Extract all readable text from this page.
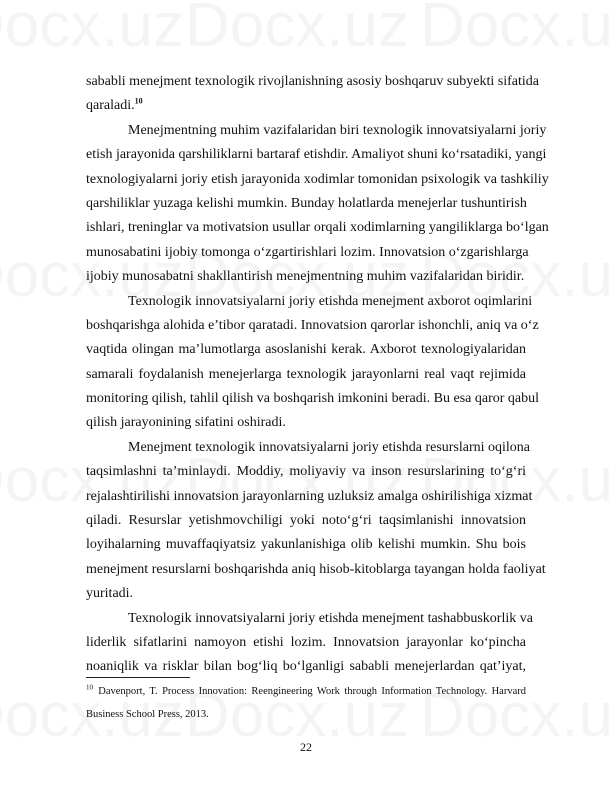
sababli menejment texnologik rivojlanishning asosiy boshqaruv subyekti sifatida
qaraladi.$^{10}$
Menejmentning muhim vazifalaridan biri texnologik innovatsiyalarni joriy
etish jarayonida qarshiliklarni bartaraf etishdir. Amaliyot shuni ko‘rsatadiki, yangi
texnologiyalarni joriy etish jarayonida xodimlar tomonidan psixologik va tashkiliy
qarshiliklar yuzaga kelishi mumkin. Bunday holatlarda menejerlar tushuntirish
ishlari, treninglar va motivatsion usullar orqali xodimlarning yangiliklarga bo‘lgan
munosabatini ijobiy tomonga o‘zgartirishlari lozim. Innovatsion o‘zgarishlarga
ijobiy munosabatni shakllantirish menejmentning muhim vazifalaridan biridir.
Texnologik innovatsiyalarni joriy etishda menejment axborot oqimlarini
boshqarishga alohida e’tibor qaratadi. Innovatsion qarorlar ishonchli, aniq va o‘z
vaqtida olingan ma’lumotlarga asoslanishi kerak. Axborot texnologiyalaridan
samarali foydalanish menejerlarga texnologik jarayonlarni real vaqt rejimida
monitoring qilish, tahlil qilish va boshqarish imkonini beradi. Bu esa qaror qabul
qilish jarayonining sifatini oshiradi.
Menejment texnologik innovatsiyalarni joriy etishda resurslarni oqilona
taqsimlashni ta’minlaydi. Moddiy, moliyaviy va inson resurslarining to‘g‘ri
rejalashtirilishi innovatsion jarayonlarning uzluksiz amalga oshirilishiga xizmat
qiladi. Resurslar yetishmovchiligi yoki noto‘g‘ri taqsimlanishi innovatsion
loyihalarning muvaffaqiyatsiz yakunlanishiga olib kelishi mumkin. Shu bois
menejment resurslarni boshqarishda aniq hisob-kitoblarga tayangan holda faoliyat
yuritadi.
Texnologik innovatsiyalarni joriy etishda menejment tashabbuskorlik va
liderlik sifatlarini namoyon etishi lozim. Innovatsion jarayonlar ko‘pincha
noaniqlik va risklar bilan bog‘liq bo‘lganligi sababli menejerlardan qat’iyat,
$^{10}$  Davenport, T. Process Innovation: Reengineering Work through Information Technology. Harvard
Business School Press, 2013.
22
